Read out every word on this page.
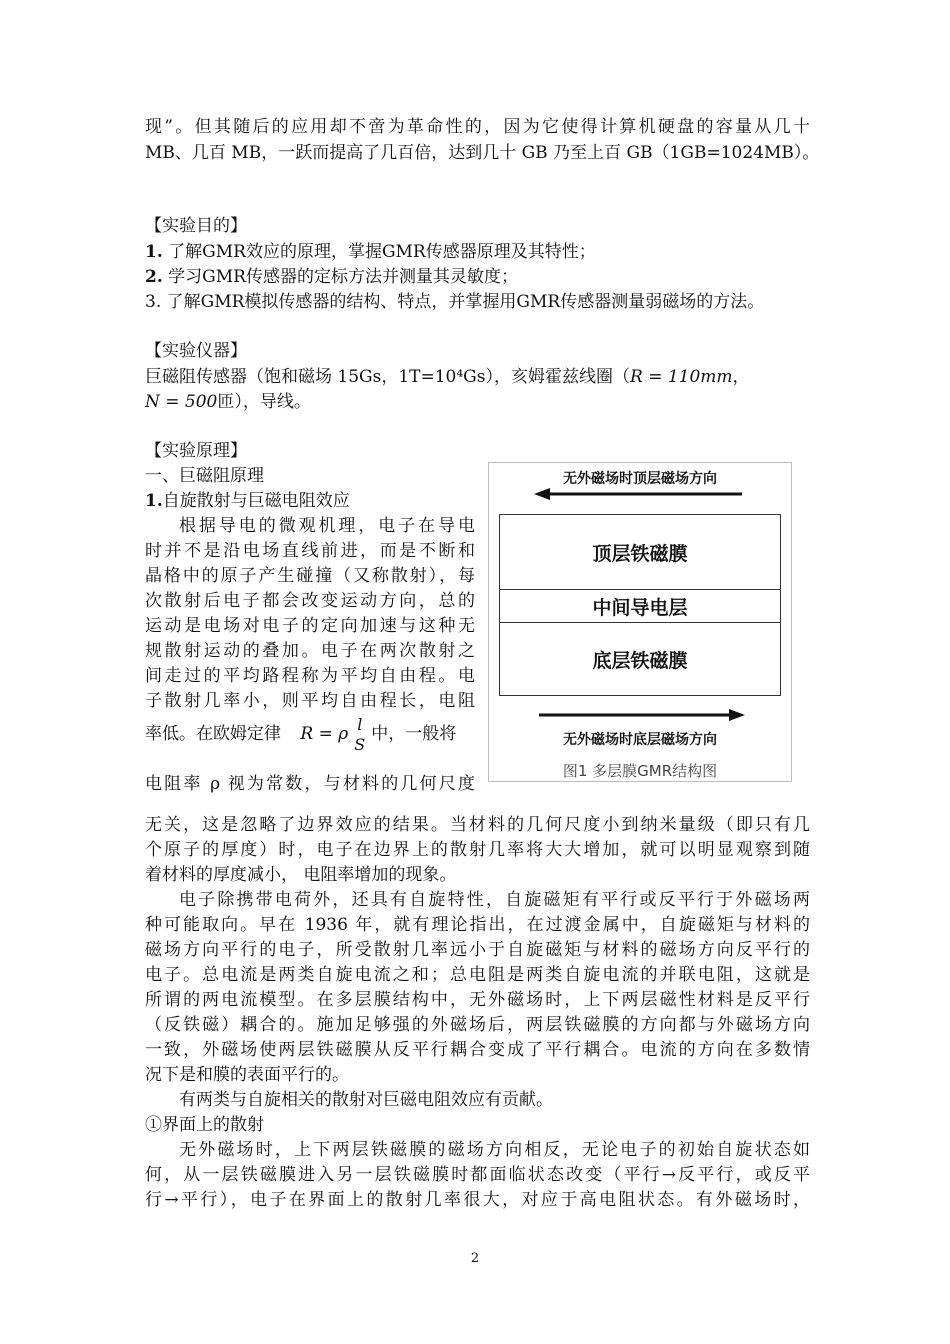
现”。但其随后的应用却不啻为革命性的，因为它使得计算机硬盘的容量从几十
MB、几百 MB，一跃而提高了几百倍，达到几十 GB 乃至上百 GB（1GB=1024MB）。
【实验目的】
1. 了解GMR效应的原理，掌握GMR传感器原理及其特性；
2. 学习GMR传感器的定标方法并测量其灵敏度；
3. 了解GMR模拟传感器的结构、特点，并掌握用GMR传感器测量弱磁场的方法。
【实验仪器】
巨磁阻传感器（饱和磁场 15Gs，1T=10⁴Gs），亥姆霍兹线圈（R = 110mm，
N = 500匝），导线。
【实验原理】
一、巨磁阻原理
1.自旋散射与巨磁电阻效应
根据导电的微观机理，电子在导电
时并不是沿电场直线前进，而是不断和
晶格中的原子产生碰撞（又称散射），每
次散射后电子都会改变运动方向，总的
运动是电场对电子的定向加速与这种无
规散射运动的叠加。电子在两次散射之
间走过的平均路程称为平均自由程。电
子散射几率小，则平均自由程长，电阻
率低。在欧姆定律 R = ρ l
S 中，一般将
电阻率 ρ 视为常数，与材料的几何尺度
无关，这是忽略了边界效应的结果。当材料的几何尺度小到纳米量级（即只有几
个原子的厚度）时，电子在边界上的散射几率将大大增加，就可以明显观察到随
着材料的厚度减小， 电阻率增加的现象。
电子除携带电荷外，还具有自旋特性，自旋磁矩有平行或反平行于外磁场两
种可能取向。早在 1936 年，就有理论指出，在过渡金属中，自旋磁矩与材料的
磁场方向平行的电子，所受散射几率远小于自旋磁矩与材料的磁场方向反平行的
电子。总电流是两类自旋电流之和；总电阻是两类自旋电流的并联电阻，这就是
所谓的两电流模型。在多层膜结构中，无外磁场时，上下两层磁性材料是反平行
（反铁磁）耦合的。施加足够强的外磁场后，两层铁磁膜的方向都与外磁场方向
一致，外磁场使两层铁磁膜从反平行耦合变成了平行耦合。电流的方向在多数情
况下是和膜的表面平行的。
有两类与自旋相关的散射对巨磁电阻效应有贡献。
①界面上的散射
无外磁场时，上下两层铁磁膜的磁场方向相反，无论电子的初始自旋状态如
何，从一层铁磁膜进入另一层铁磁膜时都面临状态改变（平行→反平行，或反平
行→平行），电子在界面上的散射几率很大，对应于高电阻状态。有外磁场时，
无外磁场时顶层磁场方向
顶层铁磁膜
中间导电层
底层铁磁膜
无外磁场时底层磁场方向
图1 多层膜GMR结构图
2
